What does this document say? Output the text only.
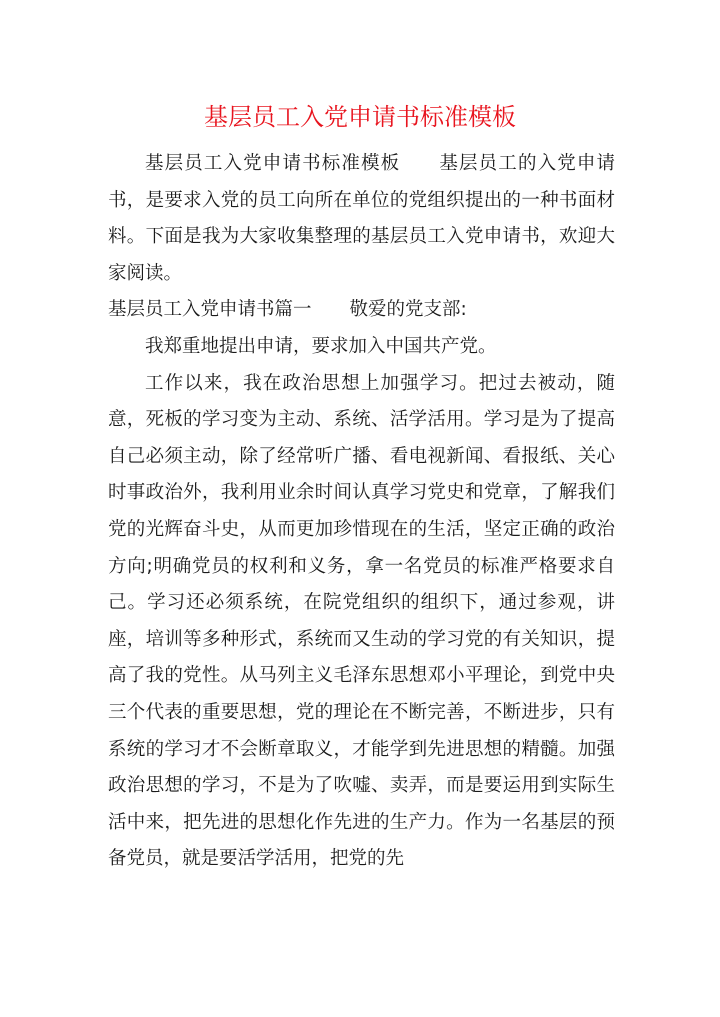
基层员工入党申请书标准模板

基层员工入党申请书标准模板 基层员工的入党申请书，是要求入党的员工向所在单位的党组织提出的一种书面材料。下面是我为大家收集整理的基层员工入党申请书，欢迎大家阅读。

基层员工入党申请书篇一 敬爱的党支部:

我郑重地提出申请，要求加入中国共产党。

工作以来，我在政治思想上加强学习。把过去被动，随意，死板的学习变为主动、系统、活学活用。学习是为了提高自己必须主动，除了经常听广播、看电视新闻、看报纸、关心时事政治外，我利用业余时间认真学习党史和党章，了解我们党的光辉奋斗史，从而更加珍惜现在的生活，坚定正确的政治方向;明确党员的权利和义务，拿一名党员的标准严格要求自己。学习还必须系统，在院党组织的组织下，通过参观，讲座，培训等多种形式，系统而又生动的学习党的有关知识，提高了我的党性。从马列主义毛泽东思想邓小平理论，到党中央三个代表的重要思想，党的理论在不断完善，不断进步，只有系统的学习才不会断章取义，才能学到先进思想的精髓。加强政治思想的学习，不是为了吹嘘、卖弄，而是要运用到实际生活中来，把先进的思想化作先进的生产力。作为一名基层的预备党员，就是要活学活用，把党的先
